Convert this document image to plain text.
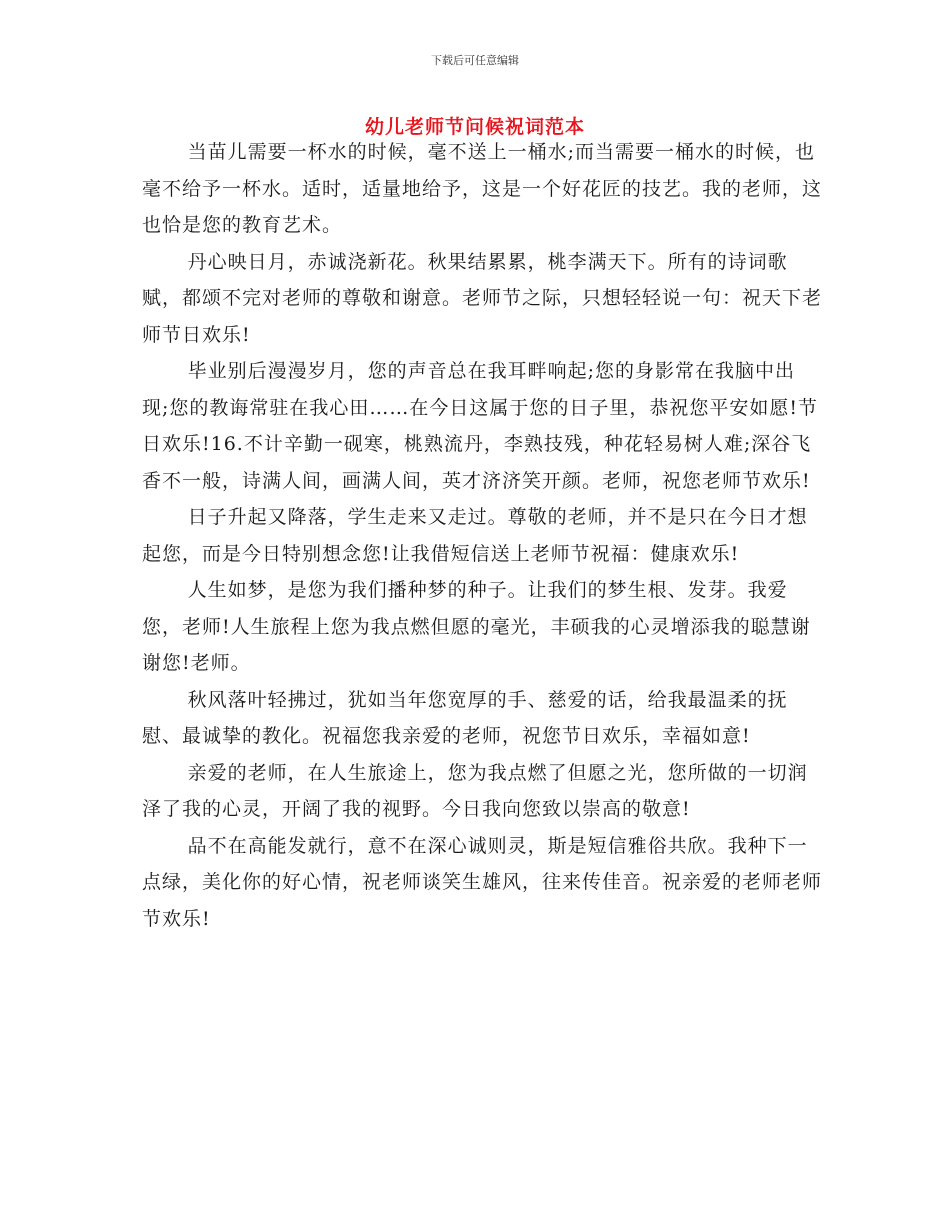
下载后可任意编辑
幼儿老师节问候祝词范本

当苗儿需要一杯水的时候，毫不送上一桶水;而当需要一桶水的时候，也毫不给予一杯水。适时，适量地给予，这是一个好花匠的技艺。我的老师，这也恰是您的教育艺术。

丹心映日月，赤诚浇新花。秋果结累累，桃李满天下。所有的诗词歌赋，都颂不完对老师的尊敬和谢意。老师节之际，只想轻轻说一句：祝天下老师节日欢乐!

毕业别后漫漫岁月，您的声音总在我耳畔响起;您的身影常在我脑中出现;您的教诲常驻在我心田……在今日这属于您的日子里，恭祝您平安如愿!节日欢乐!16.不计辛勤一砚寒，桃熟流丹，李熟技残，种花轻易树人难;深谷飞香不一般，诗满人间，画满人间，英才济济笑开颜。老师，祝您老师节欢乐!

日子升起又降落，学生走来又走过。尊敬的老师，并不是只在今日才想起您，而是今日特别想念您!让我借短信送上老师节祝福：健康欢乐!

人生如梦，是您为我们播种梦的种子。让我们的梦生根、发芽。我爱您，老师!人生旅程上您为我点燃但愿的毫光，丰硕我的心灵增添我的聪慧谢谢您!老师。

秋风落叶轻拂过，犹如当年您宽厚的手、慈爱的话，给我最温柔的抚慰、最诚挚的教化。祝福您我亲爱的老师，祝您节日欢乐，幸福如意!

亲爱的老师，在人生旅途上，您为我点燃了但愿之光，您所做的一切润泽了我的心灵，开阔了我的视野。今日我向您致以崇高的敬意!

品不在高能发就行，意不在深心诚则灵，斯是短信雅俗共欣。我种下一点绿，美化你的好心情，祝老师谈笑生雄风，往来传佳音。祝亲爱的老师老师节欢乐!
